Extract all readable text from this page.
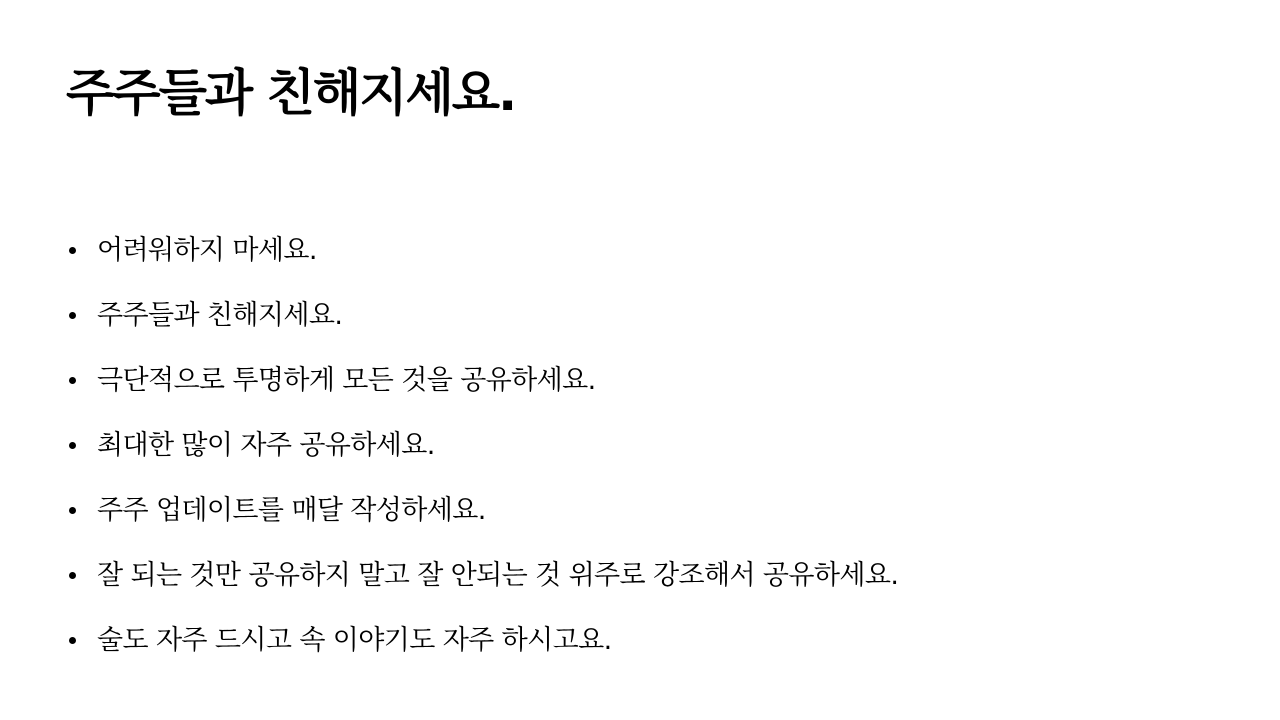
주주들과 친해지세요.
어려워하지 마세요.
주주들과 친해지세요.
극단적으로 투명하게 모든 것을 공유하세요.
최대한 많이 자주 공유하세요.
주주 업데이트를 매달 작성하세요.
잘 되는 것만 공유하지 말고 잘 안되는 것 위주로 강조해서 공유하세요.
술도 자주 드시고 속 이야기도 자주 하시고요.
